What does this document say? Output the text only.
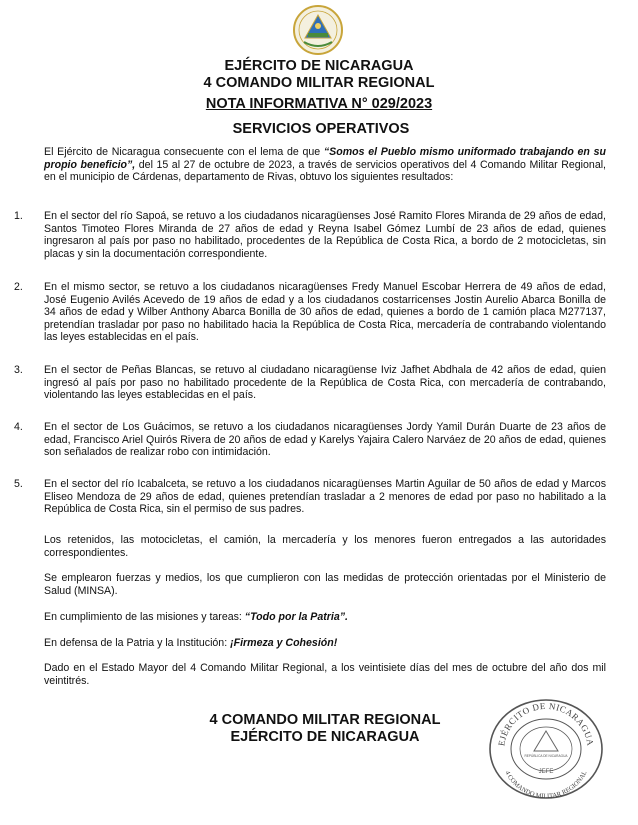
EJÉRCITO DE NICARAGUA
4 COMANDO MILITAR REGIONAL
NOTA INFORMATIVA N° 029/2023
SERVICIOS OPERATIVOS
El Ejército de Nicaragua consecuente con el lema de que “Somos el Pueblo mismo uniformado trabajando en su propio beneficio”, del 15 al 27 de octubre de 2023, a través de servicios operativos del 4 Comando Militar Regional, en el municipio de Cárdenas, departamento de Rivas, obtuvo los siguientes resultados:
1.	En el sector del río Sapoá, se retuvo a los ciudadanos nicaragüenses José Ramito Flores Miranda de 29 años de edad, Santos Timoteo Flores Miranda de 27 años de edad y Reyna Isabel Gómez Lumbí de 23 años de edad, quienes ingresaron al país por paso no habilitado, procedentes de la República de Costa Rica, a bordo de 2 motocicletas, sin placas y sin la documentación correspondiente.
2.	En el mismo sector, se retuvo a los ciudadanos nicaragüenses Fredy Manuel Escobar Herrera de 49 años de edad, José Eugenio Avilés Acevedo de 19 años de edad y a los ciudadanos costarricenses Jostin Aurelio Abarca Bonilla de 34 años de edad y Wilber Anthony Abarca Bonilla de 30 años de edad, quienes a bordo de 1 camión placa M277137, pretendían trasladar por paso no habilitado hacia la República de Costa Rica, mercadería de contrabando violentando las leyes establecidas en el país.
3.	En el sector de Peñas Blancas, se retuvo al ciudadano nicaragüense Iviz Jafhet Abdhala de 42 años de edad, quien ingresó al país por paso no habilitado procedente de la República de Costa Rica, con mercadería de contrabando, violentando las leyes establecidas en el país.
4.	En el sector de Los Guácimos, se retuvo a los ciudadanos nicaragüenses Jordy Yamil Durán Duarte de 23 años de edad, Francisco Ariel Quirós Rivera de 20 años de edad y Karelys Yajaira Calero Narváez de 20 años de edad, quienes son señalados de realizar robo con intimidación.
5.	En el sector del río Icabalceta, se retuvo a los ciudadanos nicaragüenses Martin Aguilar de 50 años de edad y Marcos Eliseo Mendoza de 29 años de edad, quienes pretendían trasladar a 2 menores de edad por paso no habilitado a la República de Costa Rica, sin el permiso de sus padres.
Los retenidos, las motocicletas, el camión, la mercadería y los menores fueron entregados a las autoridades correspondientes.
Se emplearon fuerzas y medios, los que cumplieron con las medidas de protección orientadas por el Ministerio de Salud (MINSA).
En cumplimiento de las misiones y tareas: “Todo por la Patria”.
En defensa de la Patria y la Institución: ¡Firmeza y Cohesión!
Dado en el Estado Mayor del 4 Comando Militar Regional, a los veintisiete días del mes de octubre del año dos mil veintitrés.
4 COMANDO MILITAR REGIONAL
EJÉRCITO DE NICARAGUA	EJÉRCITO DE NICARAGUA
4 COMANDO MILITAR REGIONAL
REPÚBLICA DE NICARAGUA
JEFE
